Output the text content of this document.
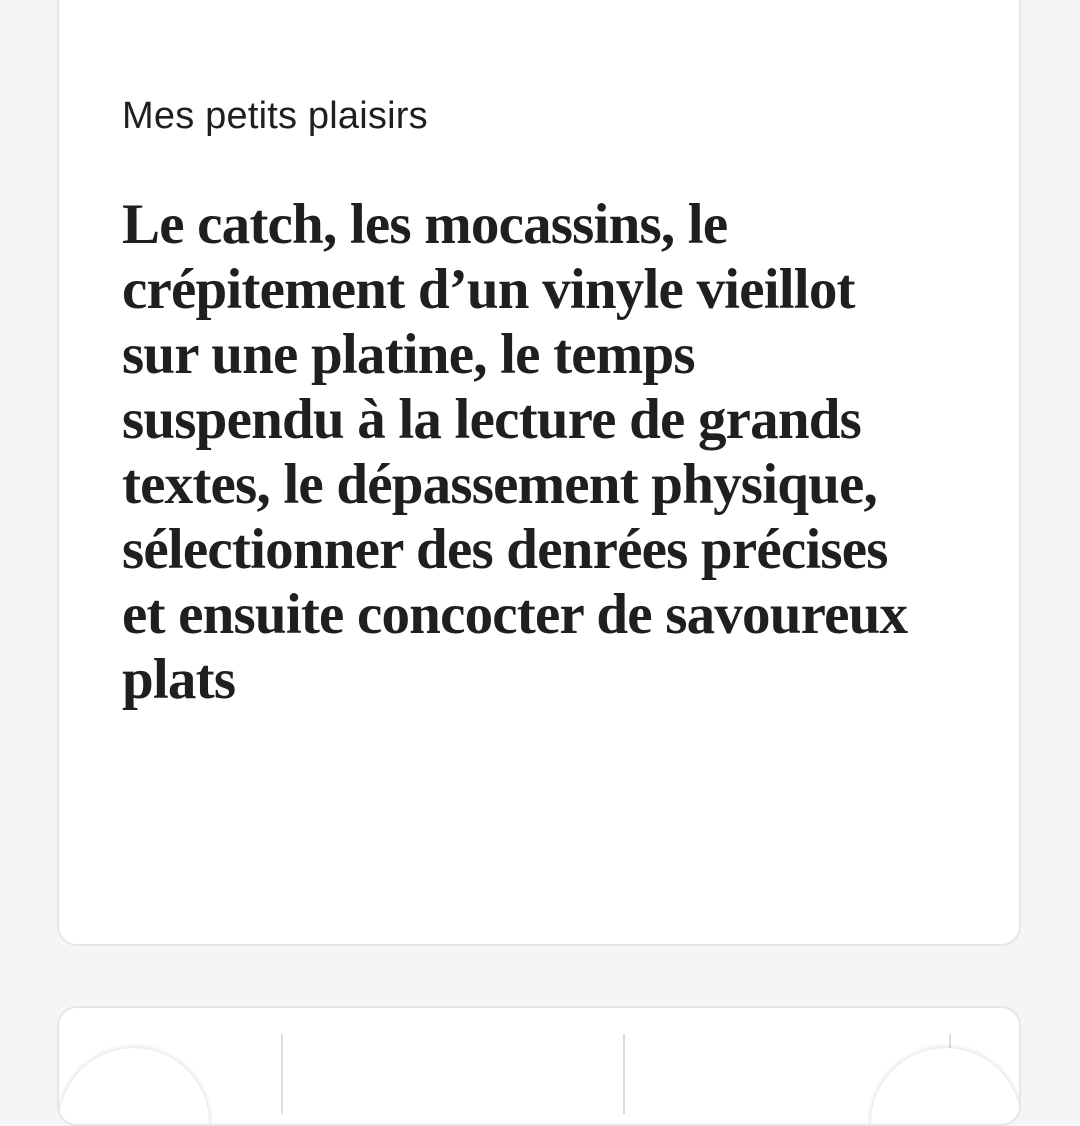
Mes petits plaisirs

Le catch, les mocassins, le crépitement d’un vinyle vieillot sur une platine, le temps suspendu à la lecture de grands textes, le dépassement physique, sélectionner des denrées précises et ensuite concocter de savoureux plats
